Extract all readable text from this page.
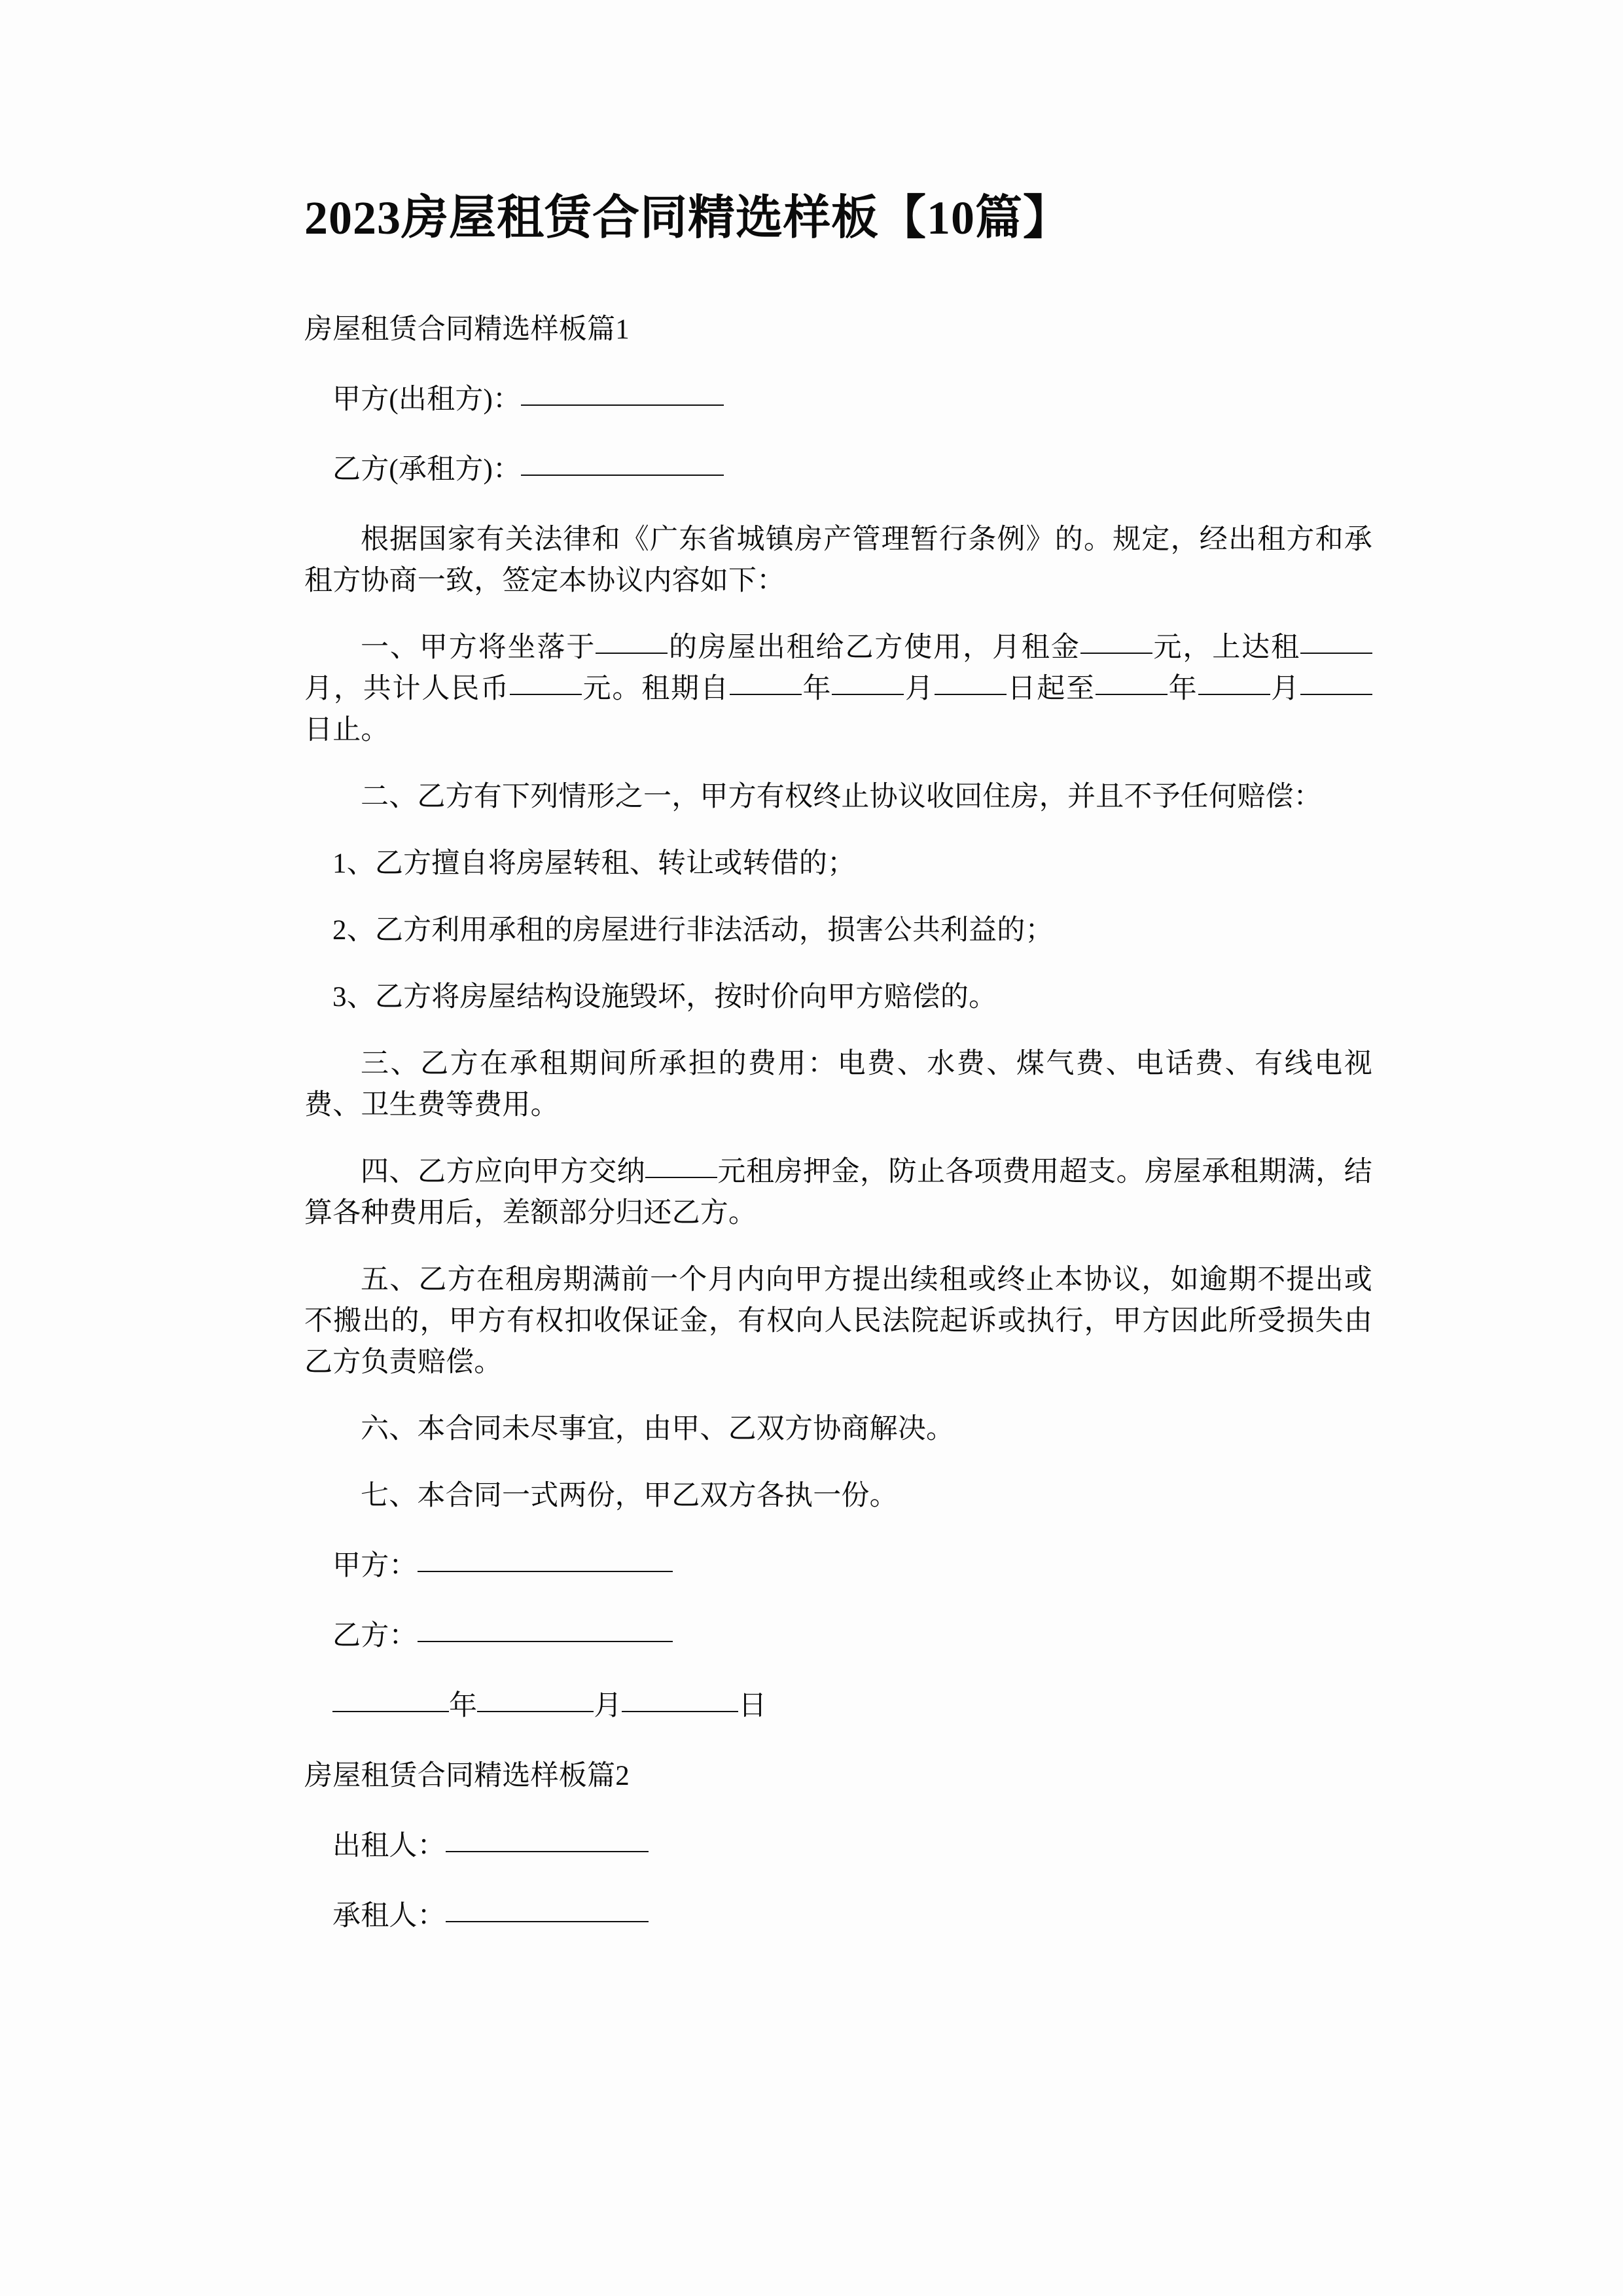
2023房屋租赁合同精选样板【10篇】

房屋租赁合同精选样板篇1

甲方(出租方)：

乙方(承租方)：

根据国家有关法律和《广东省城镇房产管理暂行条例》的。规定，经出租方和承租方协商一致，签定本协议内容如下：

一、甲方将坐落于	的房屋出租给乙方使用，月租金	元，上达租月，共计人民币	元。租期自	年	月	日起至	年	月日止。

二、乙方有下列情形之一，甲方有权终止协议收回住房，并且不予任何赔偿：

1、乙方擅自将房屋转租、转让或转借的；

2、乙方利用承租的房屋进行非法活动，损害公共利益的；

3、乙方将房屋结构设施毁坏，按时价向甲方赔偿的。

三、乙方在承租期间所承担的费用：电费、水费、煤气费、电话费、有线电视费、卫生费等费用。

四、乙方应向甲方交纳	元租房押金，防止各项费用超支。房屋承租期满，结算各种费用后，差额部分归还乙方。

五、乙方在租房期满前一个月内向甲方提出续租或终止本协议，如逾期不提出或不搬出的，甲方有权扣收保证金，有权向人民法院起诉或执行，甲方因此所受损失由乙方负责赔偿。

六、本合同未尽事宜，由甲、乙双方协商解决。

七、本合同一式两份，甲乙双方各执一份。

甲方：

乙方：

年	月	日

房屋租赁合同精选样板篇2

出租人：

承租人：
